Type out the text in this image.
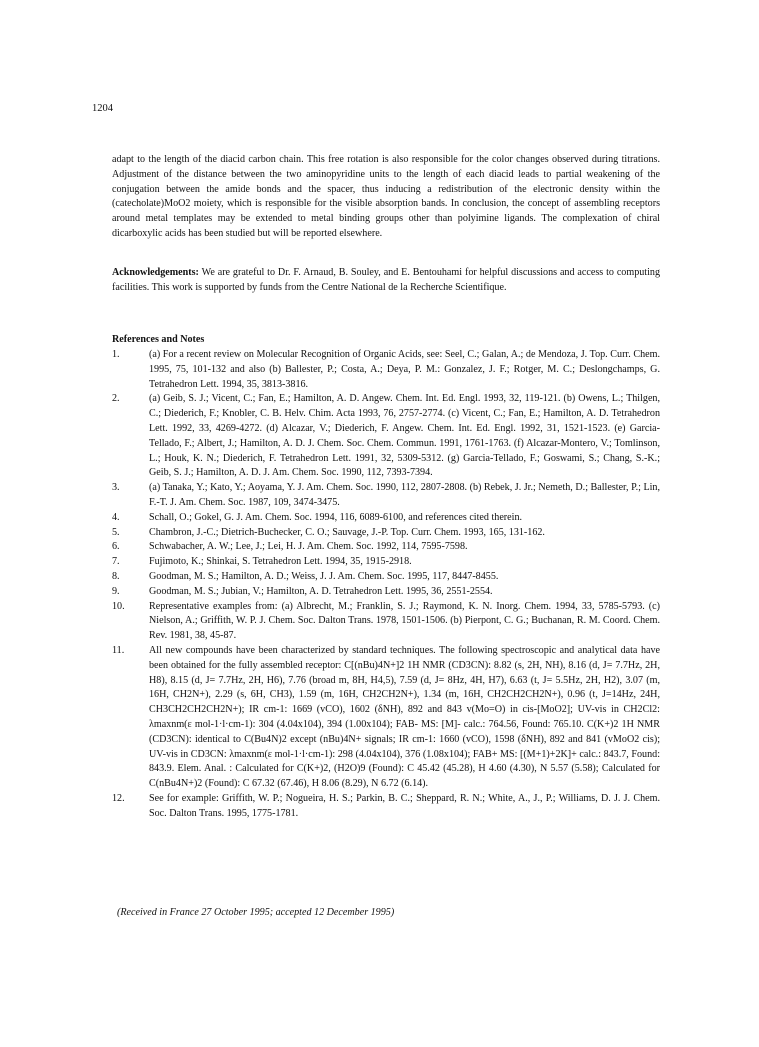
1204

adapt to the length of the diacid carbon chain. This free rotation is also responsible for the color changes observed during titrations. Adjustment of the distance between the two aminopyridine units to the length of each diacid leads to partial weakening of the conjugation between the amide bonds and the spacer, thus inducing a redistribution of the electronic density within the (catecholate)MoO2 moiety, which is responsible for the visible absorption bands. In conclusion, the concept of assembling receptors around metal templates may be extended to metal binding groups other than polyimine ligands. The complexation of chiral dicarboxylic acids has been studied but will be reported elsewhere.

Acknowledgements: We are grateful to Dr. F. Arnaud, B. Souley, and E. Bentouhami for helpful discussions and access to computing facilities. This work is supported by funds from the Centre National de la Recherche Scientifique.

References and Notes
1.	(a) For a recent review on Molecular Recognition of Organic Acids, see: Seel, C.; Galan, A.; de Mendoza, J. Top. Curr. Chem. 1995, 75, 101-132 and also (b) Ballester, P.; Costa, A.; Deya, P. M.: Gonzalez, J. F.; Rotger, M. C.; Deslongchamps, G. Tetrahedron Lett. 1994, 35, 3813-3816.
2.	(a) Geib, S. J.; Vicent, C.; Fan, E.; Hamilton, A. D. Angew. Chem. Int. Ed. Engl. 1993, 32, 119-121. (b) Owens, L.; Thilgen, C.; Diederich, F.; Knobler, C. B. Helv. Chim. Acta 1993, 76, 2757-2774. (c) Vicent, C.; Fan, E.; Hamilton, A. D. Tetrahedron Lett. 1992, 33, 4269-4272. (d) Alcazar, V.; Diederich, F. Angew. Chem. Int. Ed. Engl. 1992, 31, 1521-1523. (e) Garcia-Tellado, F.; Albert, J.; Hamilton, A. D. J. Chem. Soc. Chem. Commun. 1991, 1761-1763. (f) Alcazar-Montero, V.; Tomlinson, L.; Houk, K. N.; Diederich, F. Tetrahedron Lett. 1991, 32, 5309-5312. (g) Garcia-Tellado, F.; Goswami, S.; Chang, S.-K.; Geib, S. J.; Hamilton, A. D. J. Am. Chem. Soc. 1990, 112, 7393-7394.
3.	(a) Tanaka, Y.; Kato, Y.; Aoyama, Y. J. Am. Chem. Soc. 1990, 112, 2807-2808. (b) Rebek, J. Jr.; Nemeth, D.; Ballester, P.; Lin, F.-T. J. Am. Chem. Soc. 1987, 109, 3474-3475.
4.	Schall, O.; Gokel, G. J. Am. Chem. Soc. 1994, 116, 6089-6100, and references cited therein.
5.	Chambron, J.-C.; Dietrich-Buchecker, C. O.; Sauvage, J.-P. Top. Curr. Chem. 1993, 165, 131-162.
6.	Schwabacher, A. W.; Lee, J.; Lei, H. J. Am. Chem. Soc. 1992, 114, 7595-7598.
7.	Fujimoto, K.; Shinkai, S. Tetrahedron Lett. 1994, 35, 1915-2918.
8.	Goodman, M. S.; Hamilton, A. D.; Weiss, J. J. Am. Chem. Soc. 1995, 117, 8447-8455.
9.	Goodman, M. S.; Jubian, V.; Hamilton, A. D. Tetrahedron Lett. 1995, 36, 2551-2554.
10. Representative examples from: (a) Albrecht, M.; Franklin, S. J.; Raymond, K. N. Inorg. Chem. 1994, 33, 5785-5793. (c) Nielson, A.; Griffith, W. P. J. Chem. Soc. Dalton Trans. 1978, 1501-1506. (b) Pierpont, C. G.; Buchanan, R. M. Coord. Chem. Rev. 1981, 38, 45-87.
11. All new compounds have been characterized by standard techniques. The following spectroscopic and analytical data have been obtained for the fully assembled receptor: C[(nBu)4N+]2 1H NMR (CD3CN): 8.82 (s, 2H, NH), 8.16 (d, J= 7.7Hz, 2H, H8), 8.15 (d, J= 7.7Hz, 2H, H6), 7.76 (broad m, 8H, H4,5), 7.59 (d, J= 8Hz, 4H, H7), 6.63 (t, J= 5.5Hz, 2H, H2), 3.07 (m, 16H, CH2N+), 2.29 (s, 6H, CH3), 1.59 (m, 16H, CH2CH2N+), 1.34 (m, 16H, CH2CH2CH2N+), 0.96 (t, J=14Hz, 24H, CH3CH2CH2CH2N+); IR cm-1: 1669 (vCO), 1602 (δNH), 892 and 843 v(Mo=O) in cis-[MoO2]; UV-vis in CH2Cl2: λmaxnm(ε mol-1·l·cm-1): 304 (4.04x104), 394 (1.00x104); FAB- MS: [M]- calc.: 764.56, Found: 765.10. C(K+)2 1H NMR (CD3CN): identical to C(Bu4N)2 except (nBu)4N+ signals; IR cm-1: 1660 (vCO), 1598 (δNH), 892 and 841 (vMoO2 cis); UV-vis in CD3CN: λmaxnm(ε mol-1·l·cm-1): 298 (4.04x104), 376 (1.08x104); FAB+ MS: [(M+1)+2K]+ calc.: 843.7, Found: 843.9. Elem. Anal. : Calculated for C(K+)2, (H2O)9 (Found): C 45.42 (45.28), H 4.60 (4.30), N 5.57 (5.58); Calculated for C(nBu4N+)2 (Found): C 67.32 (67.46), H 8.06 (8.29), N 6.72 (6.14).
12. See for example: Griffith, W. P.; Nogueira, H. S.; Parkin, B. C.; Sheppard, R. N.; White, A., J., P.; Williams, D. J. J. Chem. Soc. Dalton Trans. 1995, 1775-1781.
(Received in France 27 October 1995; accepted 12 December 1995)
